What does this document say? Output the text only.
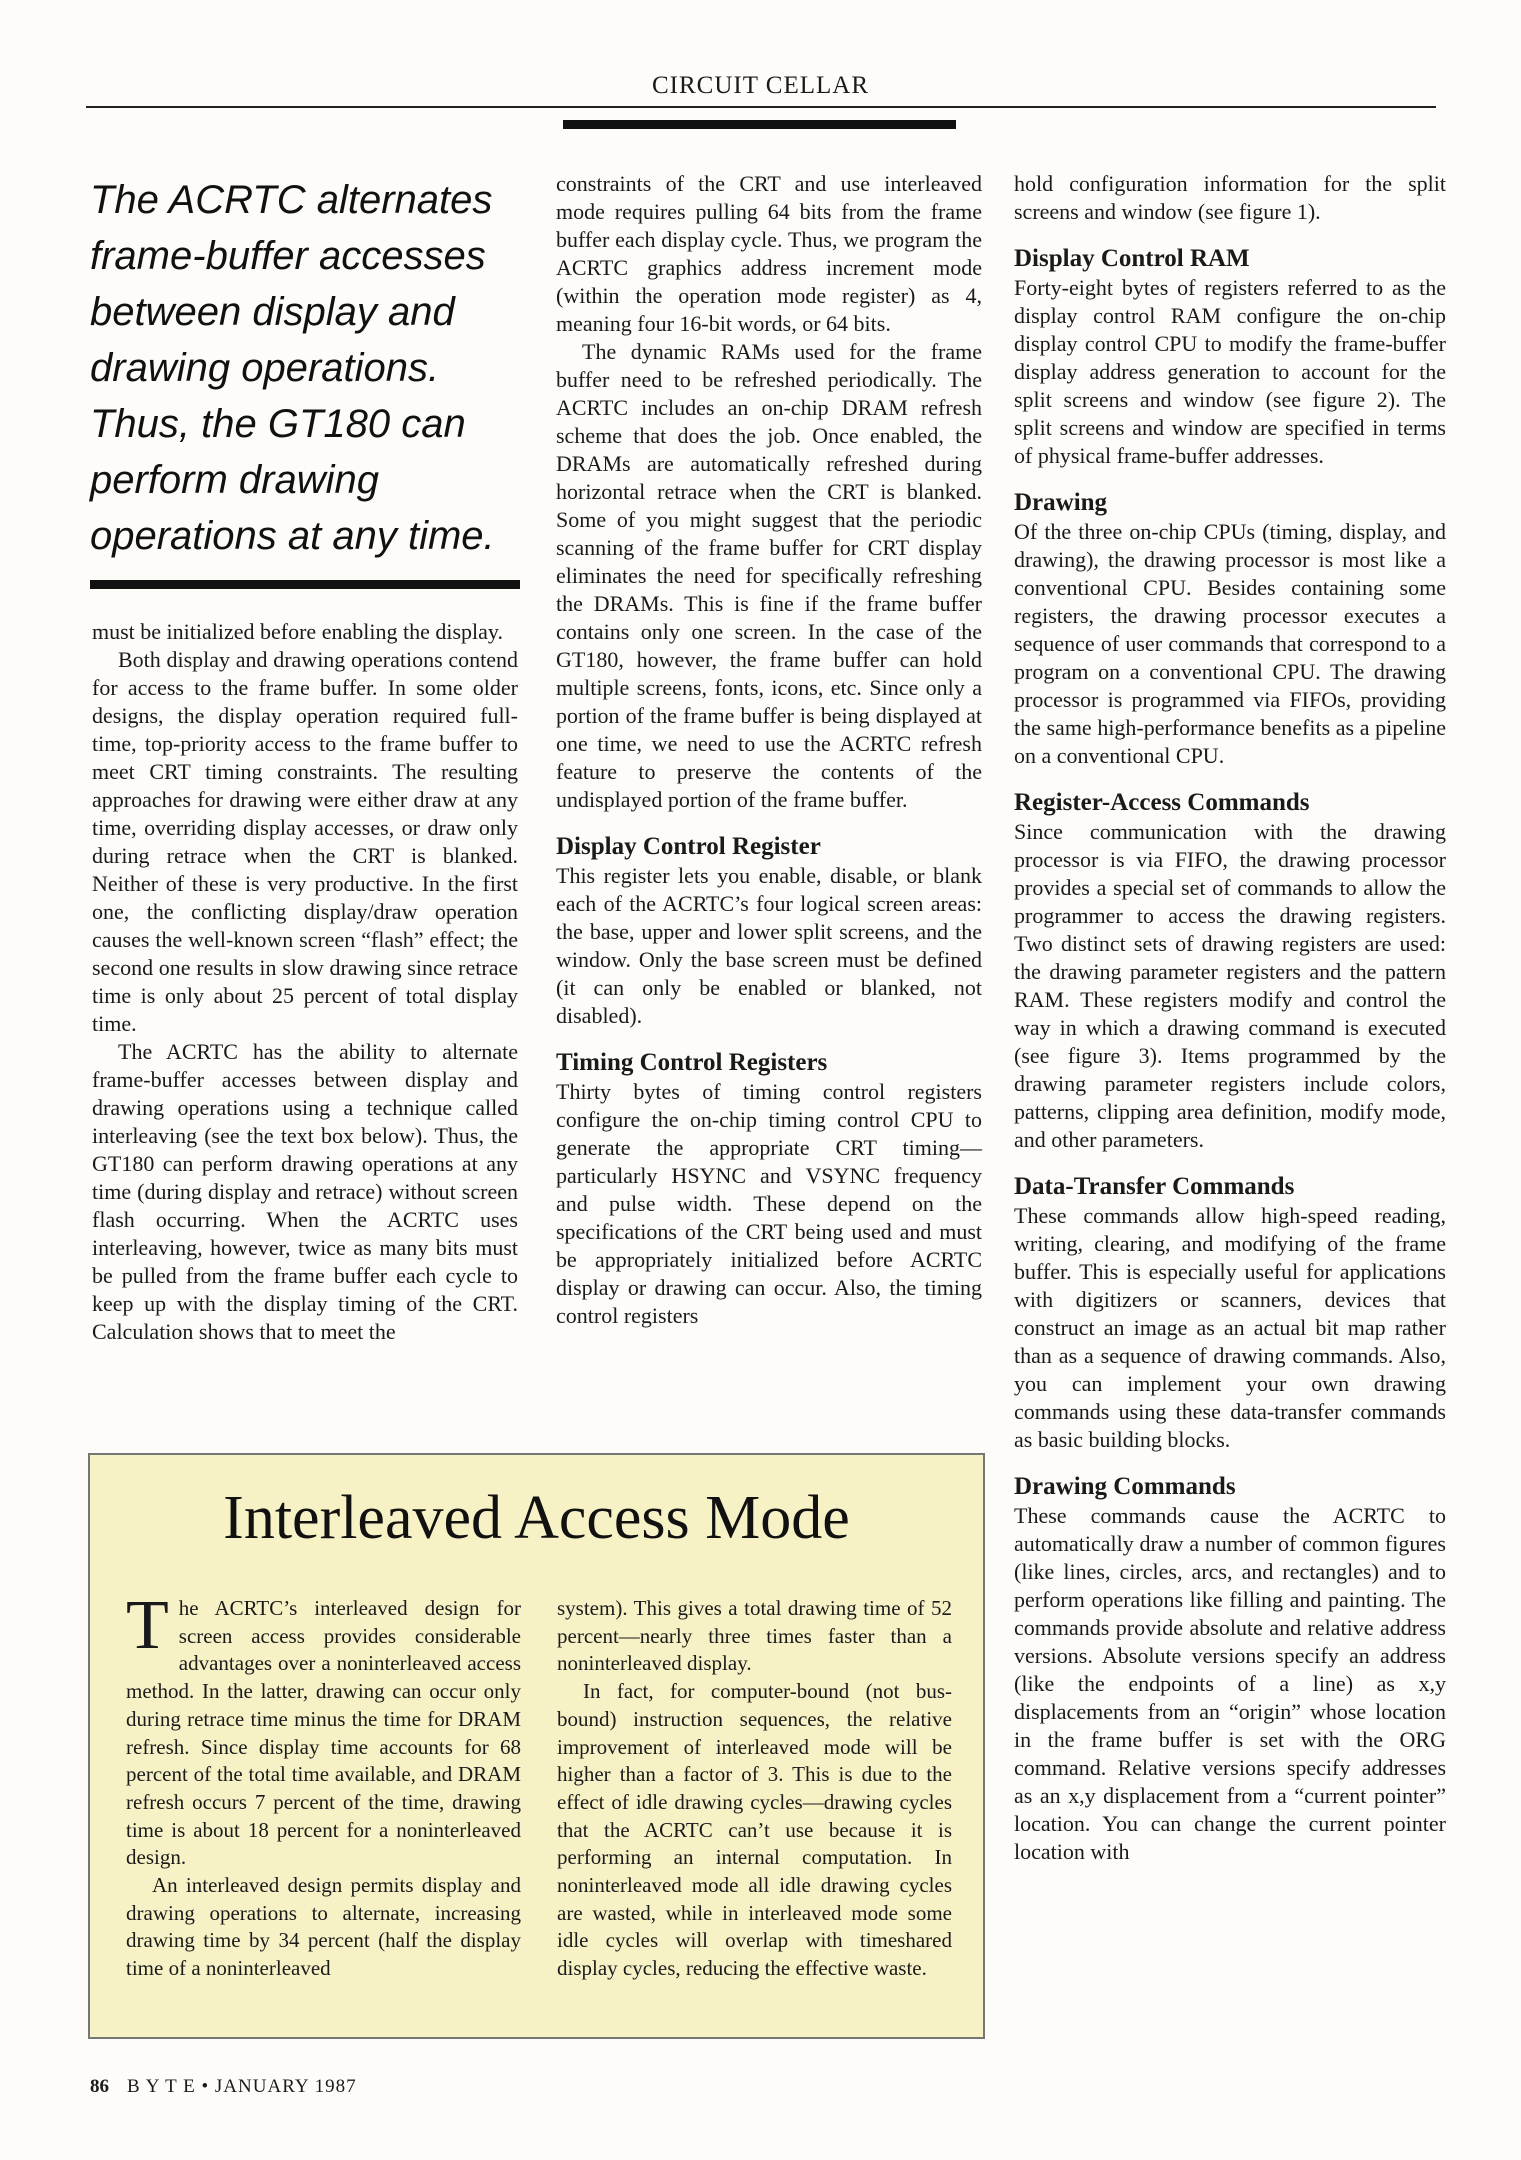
CIRCUIT CELLAR
The ACRTC alternates
frame-buffer accesses
between display and
drawing operations.
Thus, the GT180 can
perform drawing
operations at any time.

must be initialized before enabling the display.

Both display and drawing operations contend for access to the frame buffer. In some older designs, the display operation required full-time, top-priority access to the frame buffer to meet CRT timing constraints. The resulting approaches for drawing were either draw at any time, overriding display accesses, or draw only during retrace when the CRT is blanked. Neither of these is very productive. In the first one, the conflicting display/draw operation causes the well-known screen “flash” effect; the second one results in slow drawing since retrace time is only about 25 percent of total display time.

The ACRTC has the ability to alternate frame-buffer accesses between display and drawing operations using a technique called interleaving (see the text box below). Thus, the GT180 can perform drawing operations at any time (during display and retrace) without screen flash occurring. When the ACRTC uses interleaving, however, twice as many bits must be pulled from the frame buffer each cycle to keep up with the display timing of the CRT. Calculation shows that to meet the

constraints of the CRT and use interleaved mode requires pulling 64 bits from the frame buffer each display cycle. Thus, we program the ACRTC graphics address increment mode (within the operation mode register) as 4, meaning four 16-bit words, or 64 bits.

The dynamic RAMs used for the frame buffer need to be refreshed periodically. The ACRTC includes an on-chip DRAM refresh scheme that does the job. Once enabled, the DRAMs are automatically refreshed during horizontal retrace when the CRT is blanked. Some of you might suggest that the periodic scanning of the frame buffer for CRT display eliminates the need for specifically refreshing the DRAMs. This is fine if the frame buffer contains only one screen. In the case of the GT180, however, the frame buffer can hold multiple screens, fonts, icons, etc. Since only a portion of the frame buffer is being displayed at one time, we need to use the ACRTC refresh feature to preserve the contents of the undisplayed portion of the frame buffer.

Display Control Register

This register lets you enable, disable, or blank each of the ACRTC’s four logical screen areas: the base, upper and lower split screens, and the window. Only the base screen must be defined (it can only be enabled or blanked, not disabled).

Timing Control Registers

Thirty bytes of timing control registers configure the on-chip timing control CPU to generate the appropriate CRT timing—particularly HSYNC and VSYNC frequency and pulse width. These depend on the specifications of the CRT being used and must be appropriately initialized before ACRTC display or drawing can occur. Also, the timing control registers

hold configuration information for the split screens and window (see figure 1).

Display Control RAM

Forty-eight bytes of registers referred to as the display control RAM configure the on-chip display control CPU to modify the frame-buffer display address generation to account for the split screens and window (see figure 2). The split screens and window are specified in terms of physical frame-buffer addresses.

Drawing

Of the three on-chip CPUs (timing, display, and drawing), the drawing processor is most like a conventional CPU. Besides containing some registers, the drawing processor executes a sequence of user commands that correspond to a program on a conventional CPU. The drawing processor is programmed via FIFOs, providing the same high-performance benefits as a pipeline on a conventional CPU.

Register-Access Commands

Since communication with the drawing processor is via FIFO, the drawing processor provides a special set of commands to allow the programmer to access the drawing registers. Two distinct sets of drawing registers are used: the drawing parameter registers and the pattern RAM. These registers modify and control the way in which a drawing command is executed (see figure 3). Items programmed by the drawing parameter registers include colors, patterns, clipping area definition, modify mode, and other parameters.

Data-Transfer Commands

These commands allow high-speed reading, writing, clearing, and modifying of the frame buffer. This is especially useful for applications with digitizers or scanners, devices that construct an image as an actual bit map rather than as a sequence of drawing commands. Also, you can implement your own drawing commands using these data-transfer commands as basic building blocks.

Drawing Commands

These commands cause the ACRTC to automatically draw a number of common figures (like lines, circles, arcs, and rectangles) and to perform operations like filling and painting. The commands provide absolute and relative address versions. Absolute versions specify an address (like the endpoints of a line) as x,y displacements from an “origin” whose location in the frame buffer is set with the ORG command. Relative versions specify addresses as an x,y displacement from a “current pointer” location. You can change the current pointer location with

Interleaved Access Mode

The ACRTC’s interleaved design for screen access provides considerable advantages over a noninterleaved access method. In the latter, drawing can occur only during retrace time minus the time for DRAM refresh. Since display time accounts for 68 percent of the total time available, and DRAM refresh occurs 7 percent of the time, drawing time is about 18 percent for a noninterleaved design.

An interleaved design permits display and drawing operations to alternate, increasing drawing time by 34 percent (half the display time of a noninterleaved

system). This gives a total drawing time of 52 percent—nearly three times faster than a noninterleaved display.

In fact, for computer-bound (not bus-bound) instruction sequences, the relative improvement of interleaved mode will be higher than a factor of 3. This is due to the effect of idle drawing cycles—drawing cycles that the ACRTC can’t use because it is performing an internal computation. In noninterleaved mode all idle drawing cycles are wasted, while in interleaved mode some idle cycles will overlap with timeshared display cycles, reducing the effective waste.

86 B Y T E • JANUARY 1987
